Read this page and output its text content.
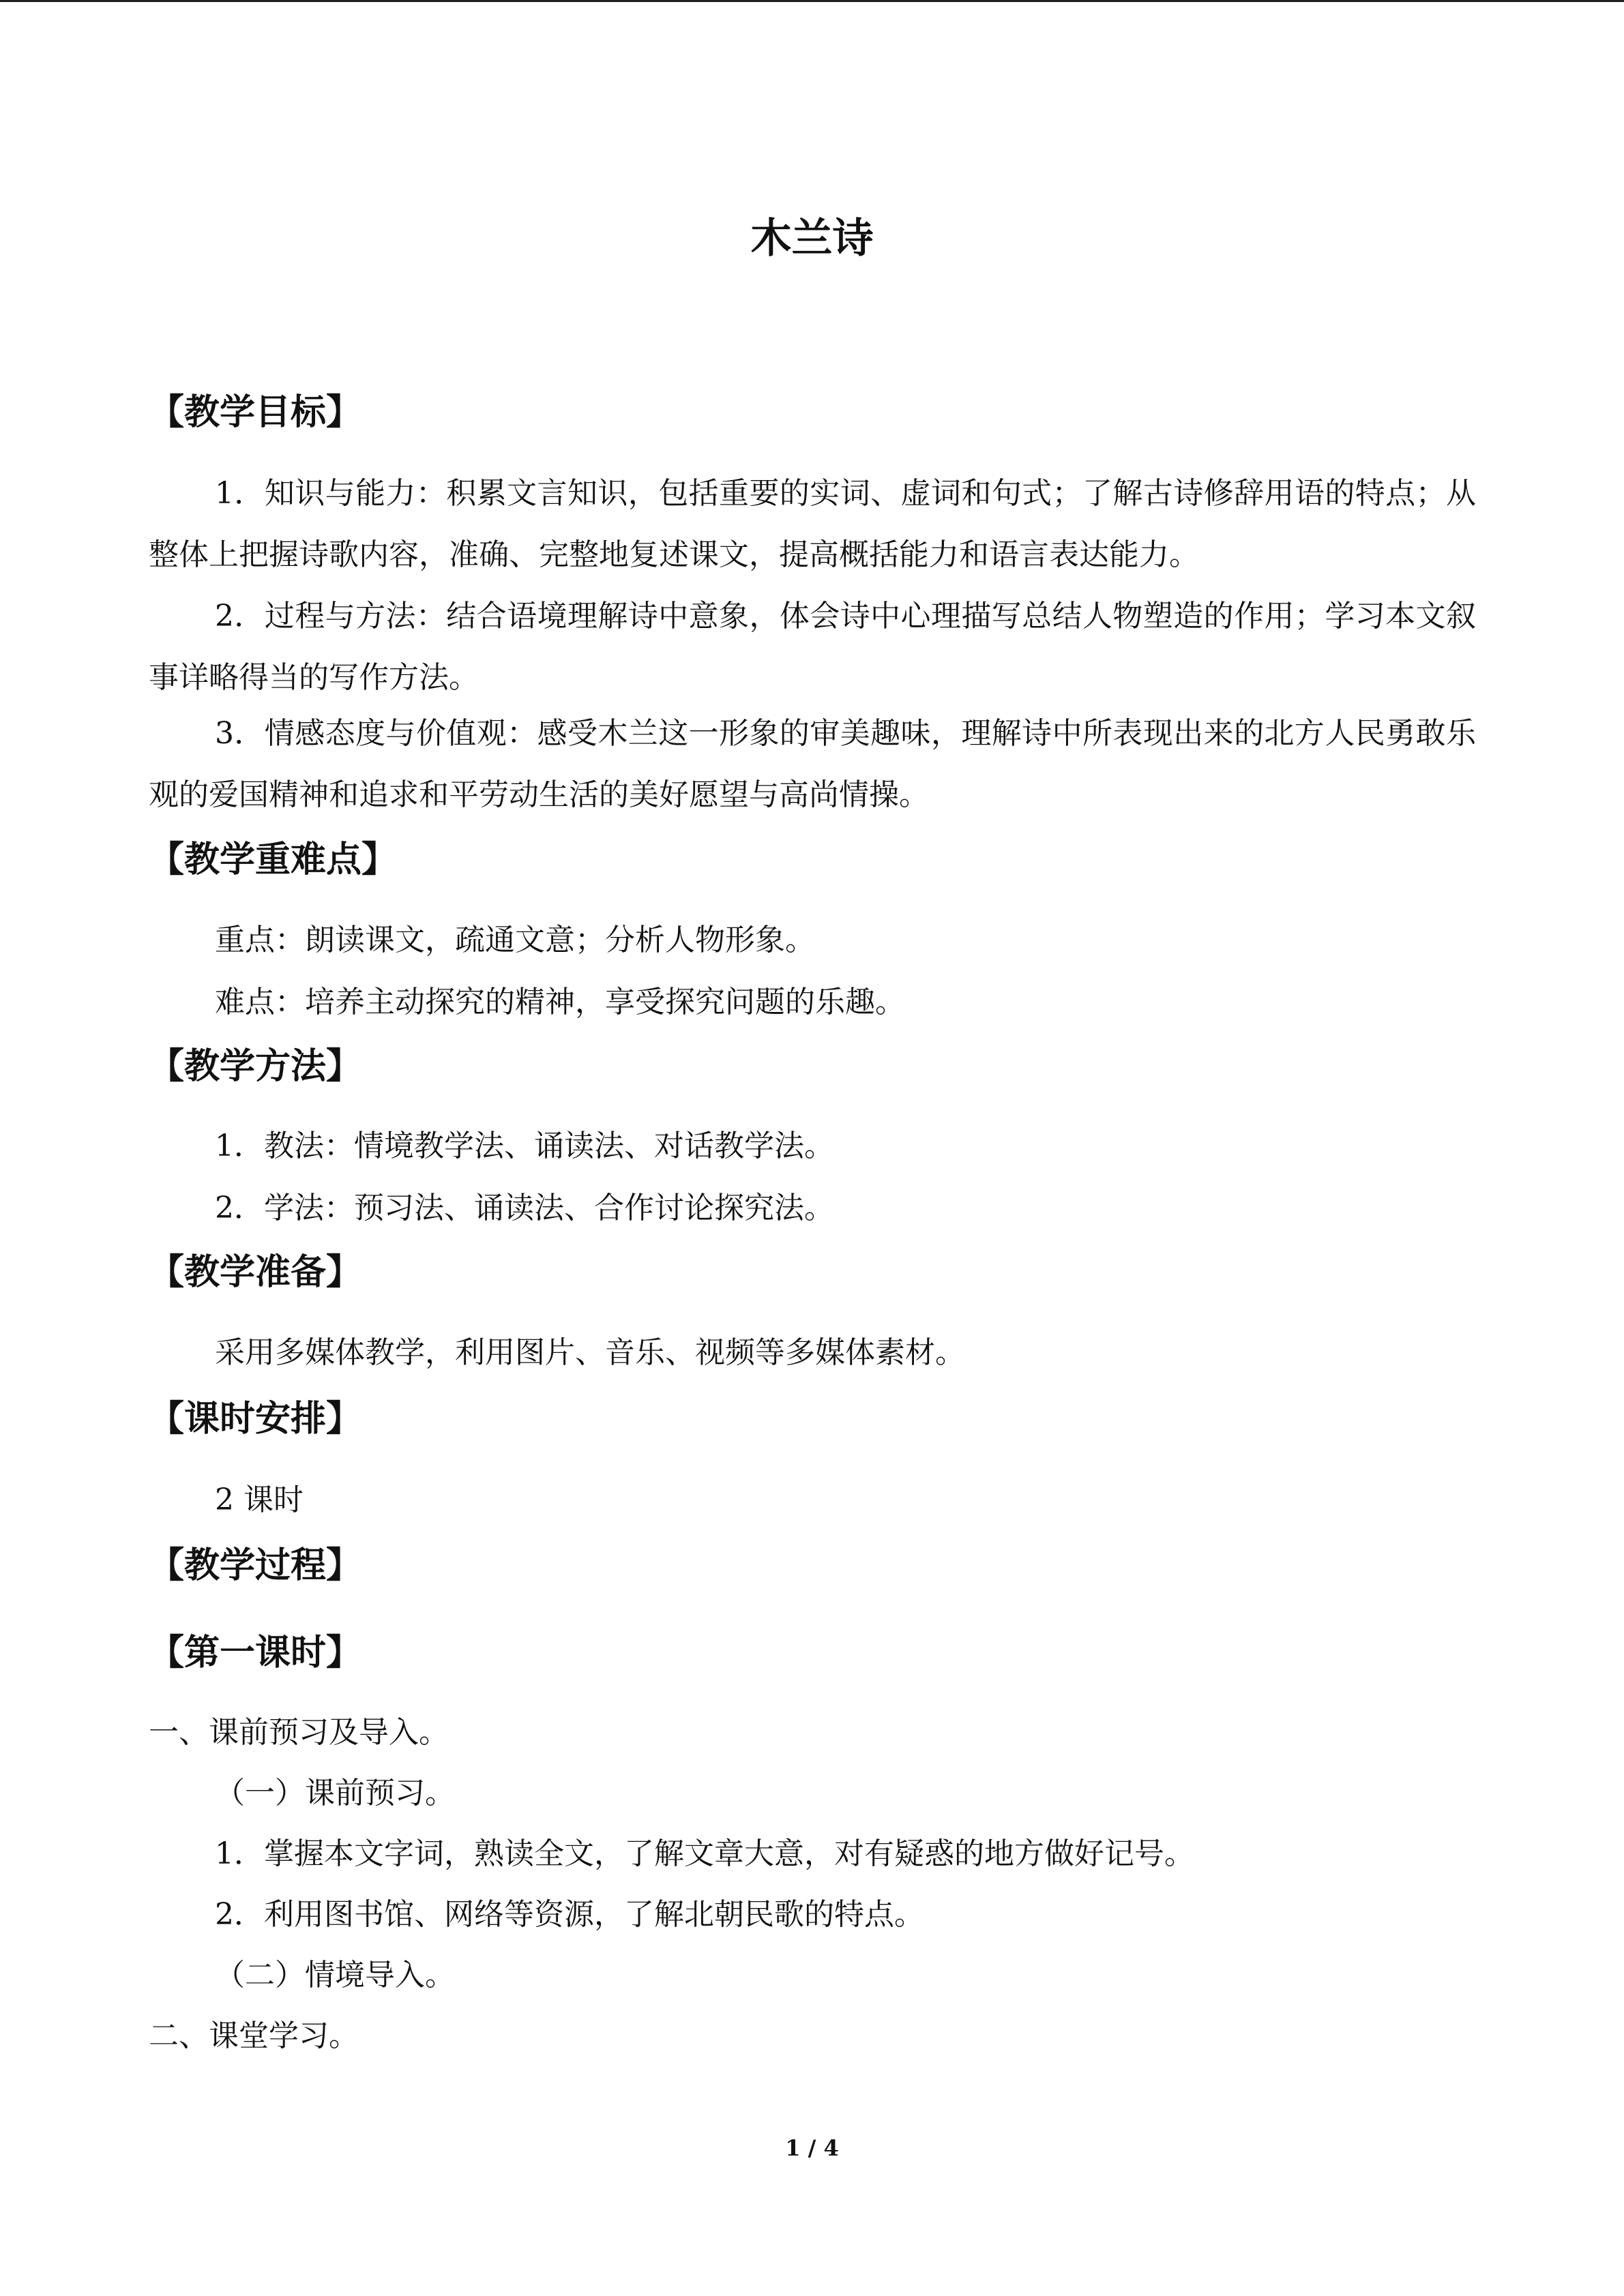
木兰诗
【教学目标】
1．知识与能力：积累文言知识，包括重要的实词、虚词和句式；了解古诗修辞用语的特点；从整体上把握诗歌内容，准确、完整地复述课文，提高概括能力和语言表达能力。
2．过程与方法：结合语境理解诗中意象，体会诗中心理描写总结人物塑造的作用；学习本文叙事详略得当的写作方法。
3．情感态度与价值观：感受木兰这一形象的审美趣味，理解诗中所表现出来的北方人民勇敢乐观的爱国精神和追求和平劳动生活的美好愿望与高尚情操。
【教学重难点】
重点：朗读课文，疏通文意；分析人物形象。
难点：培养主动探究的精神，享受探究问题的乐趣。
【教学方法】
1．教法：情境教学法、诵读法、对话教学法。
2．学法：预习法、诵读法、合作讨论探究法。
【教学准备】
采用多媒体教学，利用图片、音乐、视频等多媒体素材。
【课时安排】
2 课时
【教学过程】
【第一课时】
一、课前预习及导入。
（一）课前预习。
1．掌握本文字词，熟读全文，了解文章大意，对有疑惑的地方做好记号。
2．利用图书馆、网络等资源，了解北朝民歌的特点。
（二）情境导入。
二、课堂学习。
1 / 4
